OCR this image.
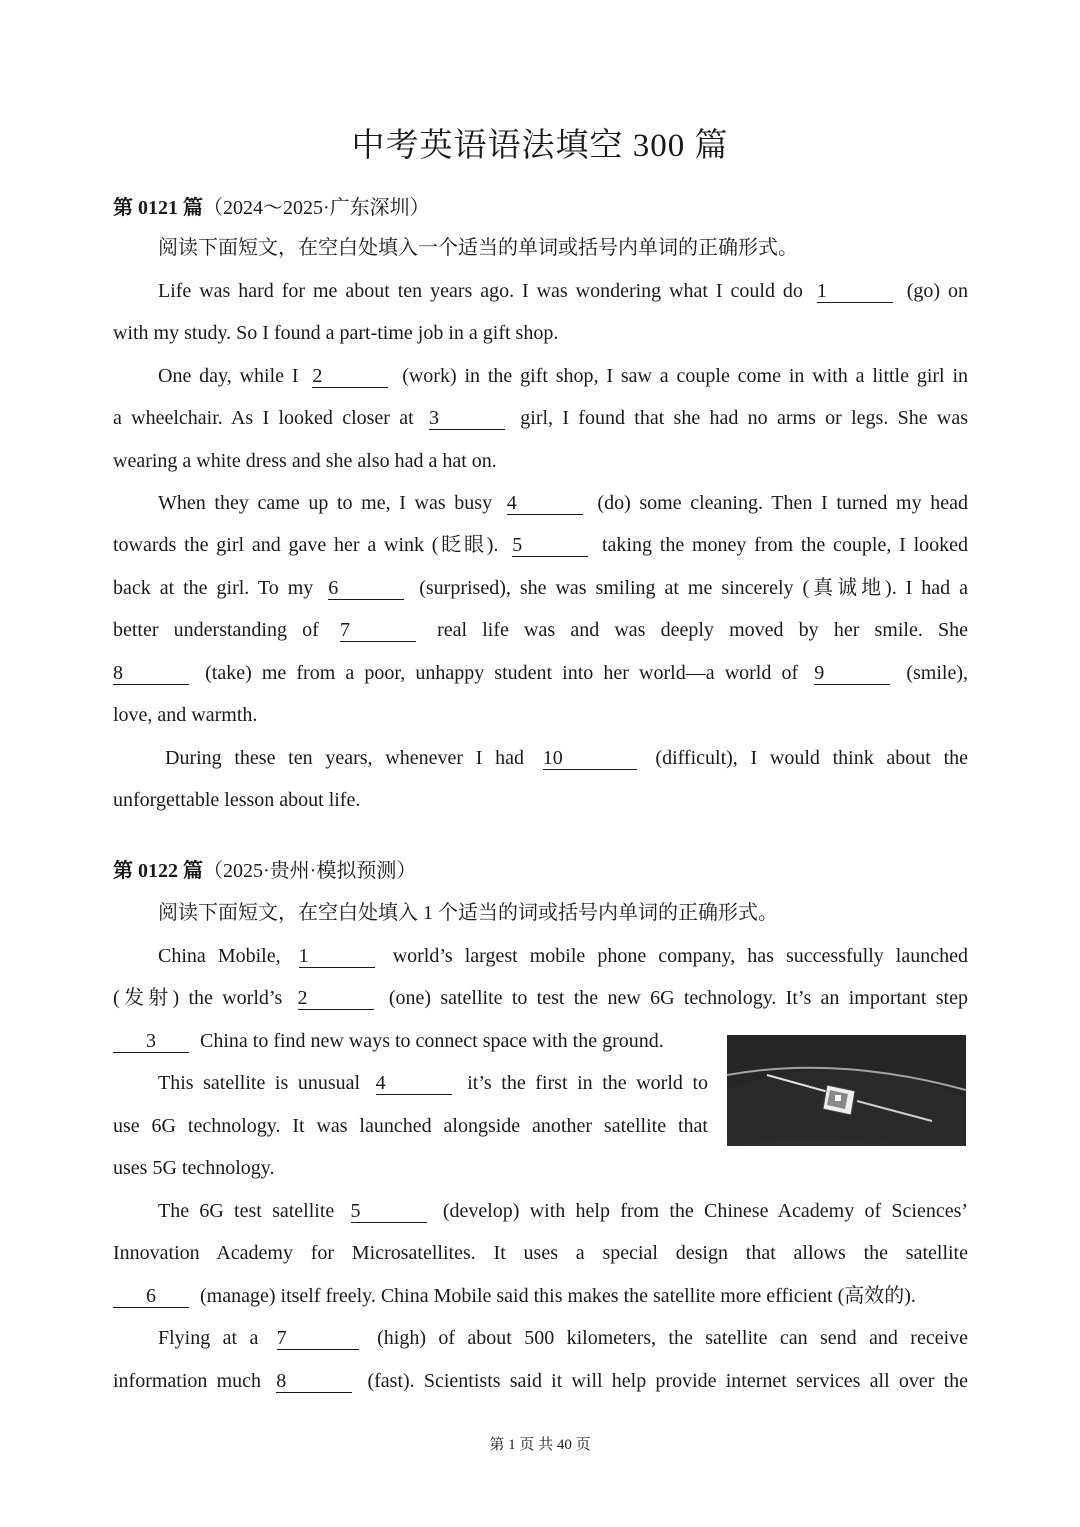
中考英语语法填空 300 篇
第 0121 篇（2024～2025·广东深圳）
阅读下面短文，在空白处填入一个适当的单词或括号内单词的正确形式。
Life was hard for me about ten years ago. I was wondering what I could do 1	(go) on
with my study. So I found a part-time job in a gift shop.
One day, while I 2	(work) in the gift shop, I saw a couple come in with a little girl in
a wheelchair. As I looked closer at 3	girl, I found that she had no arms or legs. She was
wearing a white dress and she also had a hat on.
When they came up to me, I was busy 4	(do) some cleaning. Then I turned my head
towards the girl and gave her a wink (眨眼). 5	taking the money from the couple, I looked
back at the girl. To my 6	(surprised), she was smiling at me sincerely (真诚地). I had a
better understanding of 7	real life was and was deeply moved by her smile. She
8	(take) me from a poor, unhappy student into her world—a world of 9	(smile),
love, and warmth.
During these ten years, whenever I had 10	(difficult), I would think about the
unforgettable lesson about life.
第 0122 篇（2025·贵州·模拟预测）
阅读下面短文，在空白处填入 1 个适当的词或括号内单词的正确形式。
China Mobile, 1	world’s largest mobile phone company, has successfully launched
(发射) the world’s 2	(one) satellite to test the new 6G technology. It’s an important step
3 China to find new ways to connect space with the ground.
This satellite is unusual 4	it’s the first in the world to
use 6G technology. It was launched alongside another satellite that
uses 5G technology.
The 6G test satellite 5	(develop) with help from the Chinese Academy of Sciences’
Innovation Academy for Microsatellites. It uses a special design that allows the satellite
6 (manage) itself freely. China Mobile said this makes the satellite more efficient (高效的).
Flying at a 7	(high) of about 500 kilometers, the satellite can send and receive
information much 8	(fast). Scientists said it will help provide internet services all over the
第 1 页 共 40 页
